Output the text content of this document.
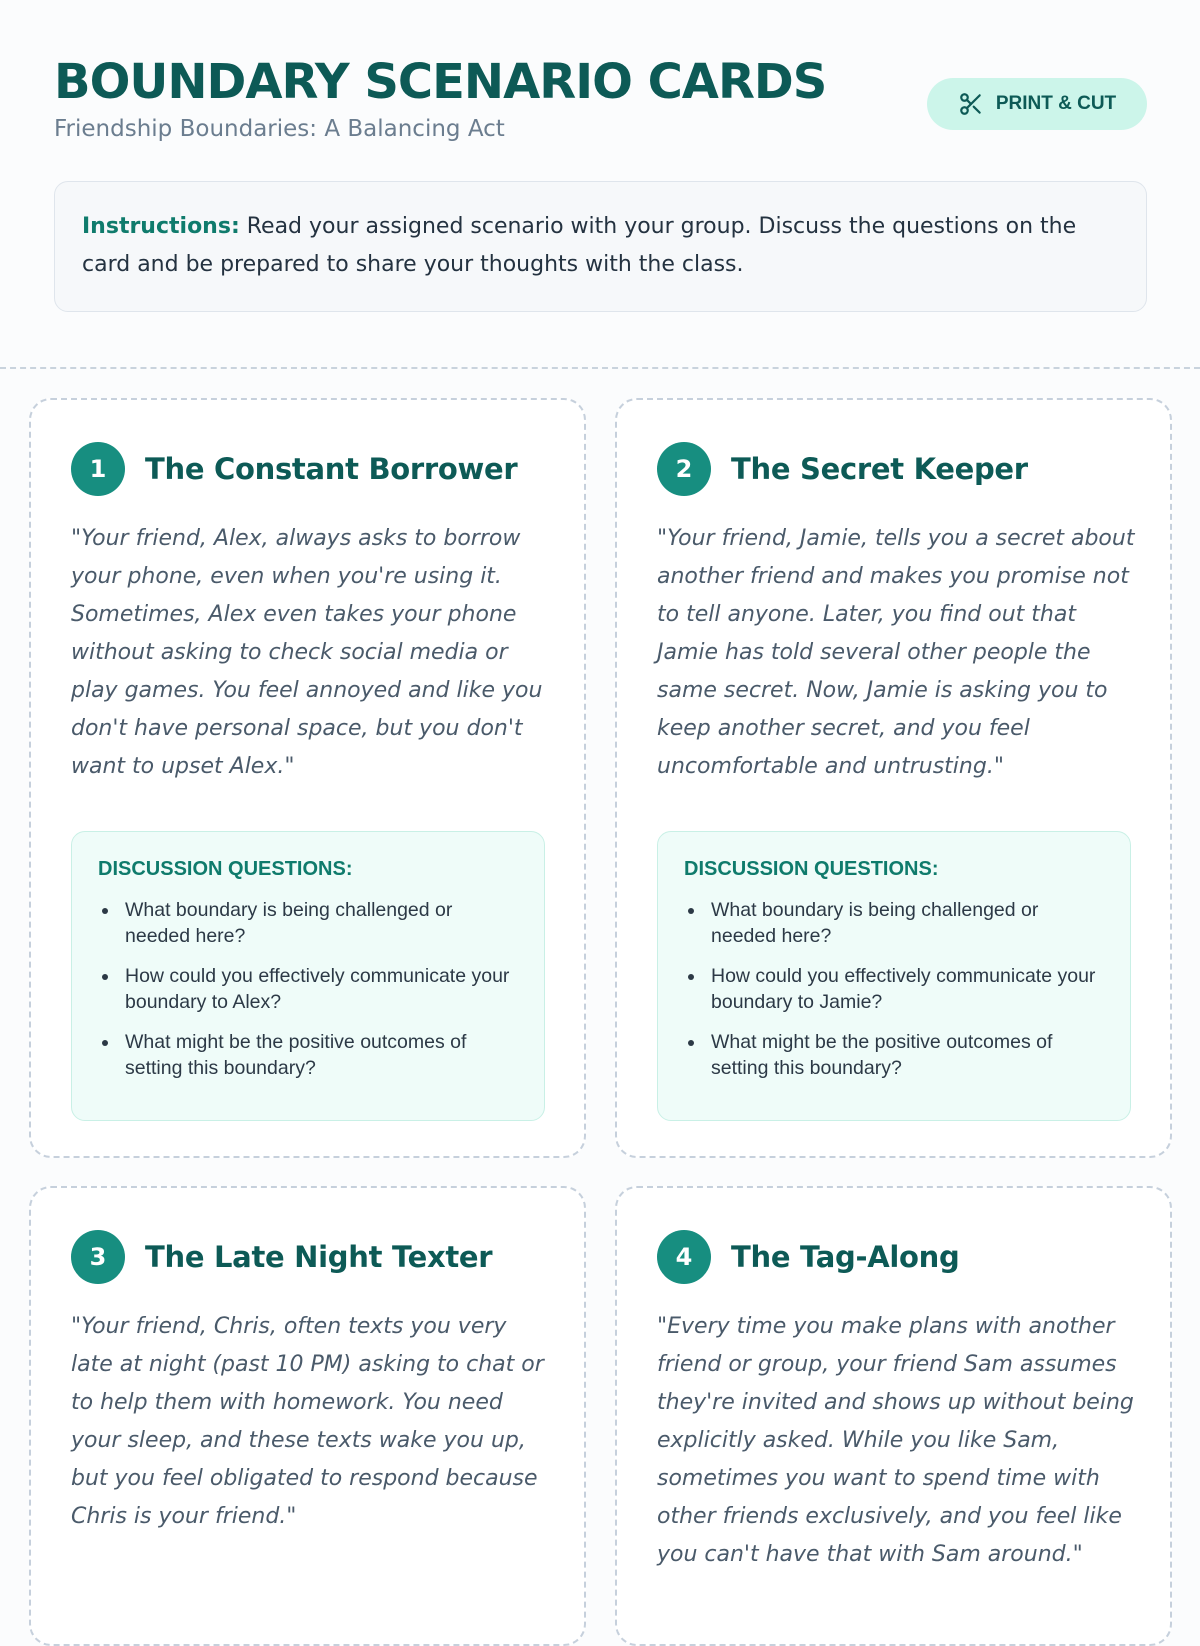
BOUNDARY SCENARIO CARDS
Friendship Boundaries: A Balancing Act
PRINT & CUT
Instructions: Read your assigned scenario with your group. Discuss the questions on the card and be prepared to share your thoughts with the class.
1	The Constant Borrower
"Your friend, Alex, always asks to borrow your phone, even when you're using it. Sometimes, Alex even takes your phone without asking to check social media or play games. You feel annoyed and like you don't have personal space, but you don't want to upset Alex."
DISCUSSION QUESTIONS:
What boundary is being challenged or needed here?
How could you effectively communicate your boundary to Alex?
What might be the positive outcomes of setting this boundary?
2	The Secret Keeper
"Your friend, Jamie, tells you a secret about another friend and makes you promise not to tell anyone. Later, you find out that Jamie has told several other people the same secret. Now, Jamie is asking you to keep another secret, and you feel uncomfortable and untrusting."
DISCUSSION QUESTIONS:
What boundary is being challenged or needed here?
How could you effectively communicate your boundary to Jamie?
What might be the positive outcomes of setting this boundary?
3	The Late Night Texter
"Your friend, Chris, often texts you very late at night (past 10 PM) asking to chat or to help them with homework. You need your sleep, and these texts wake you up, but you feel obligated to respond because Chris is your friend."
4	The Tag-Along
"Every time you make plans with another friend or group, your friend Sam assumes they're invited and shows up without being explicitly asked. While you like Sam, sometimes you want to spend time with other friends exclusively, and you feel like you can't have that with Sam around."
